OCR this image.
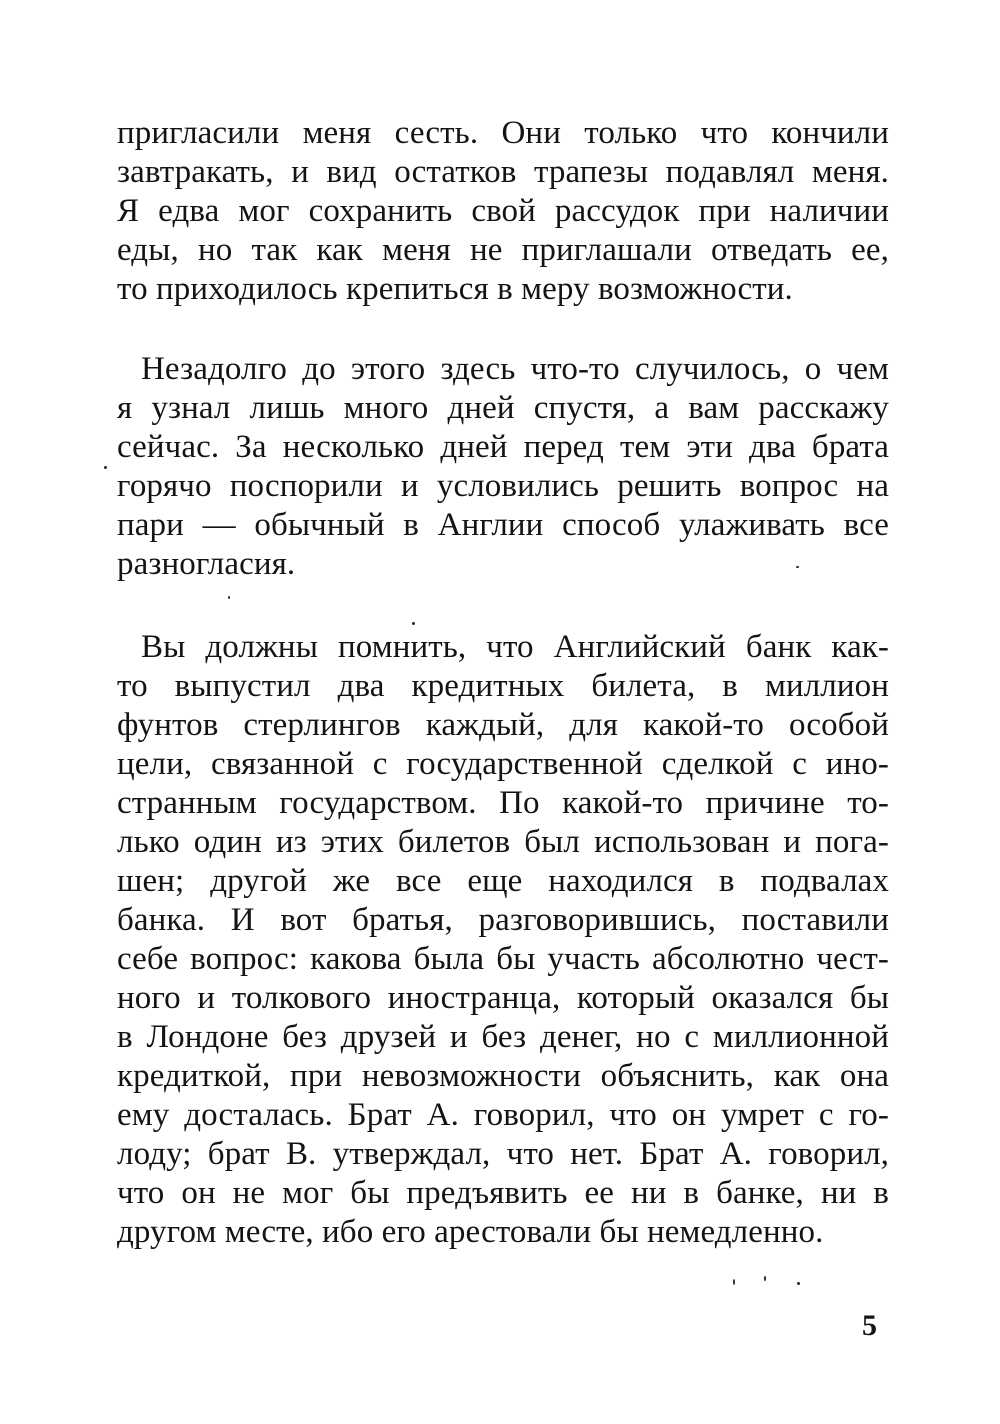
пригласили меня сесть. Они только что кончили
завтракать, и вид остатков трапезы подавлял меня.
Я едва мог сохранить свой рассудок при наличии
еды, но так как меня не приглашали отведать ее,
то приходилось крепиться в меру возможности.
Незадолго до этого здесь что-то случилось, о чем
я узнал лишь много дней спустя, а вам расскажу
сейчас. За несколько дней перед тем эти два брата
горячо поспорили и условились решить вопрос на
пари — обычный в Англии способ улаживать все
разногласия.
Вы должны помнить, что Английский банк как-
то выпустил два кредитных билета, в миллион
фунтов стерлингов каждый, для какой-то особой
цели, связанной с государственной сделкой с ино-
странным государством. По какой-то причине то-
лько один из этих билетов был использован и пога-
шен; другой же все еще находился в подвалах
банка. И вот братья, разговорившись, поставили
себе вопрос: какова была бы участь абсолютно чест-
ного и толкового иностранца, который оказался бы
в Лондоне без друзей и без денег, но с миллионной
кредиткой, при невозможности объяснить, как она
ему досталась. Брат А. говорил, что он умрет с го-
лоду; брат В. утверждал, что нет. Брат А. говорил,
что он не мог бы предъявить ее ни в банке, ни в
другом месте, ибо его арестовали бы немедленно.
5
